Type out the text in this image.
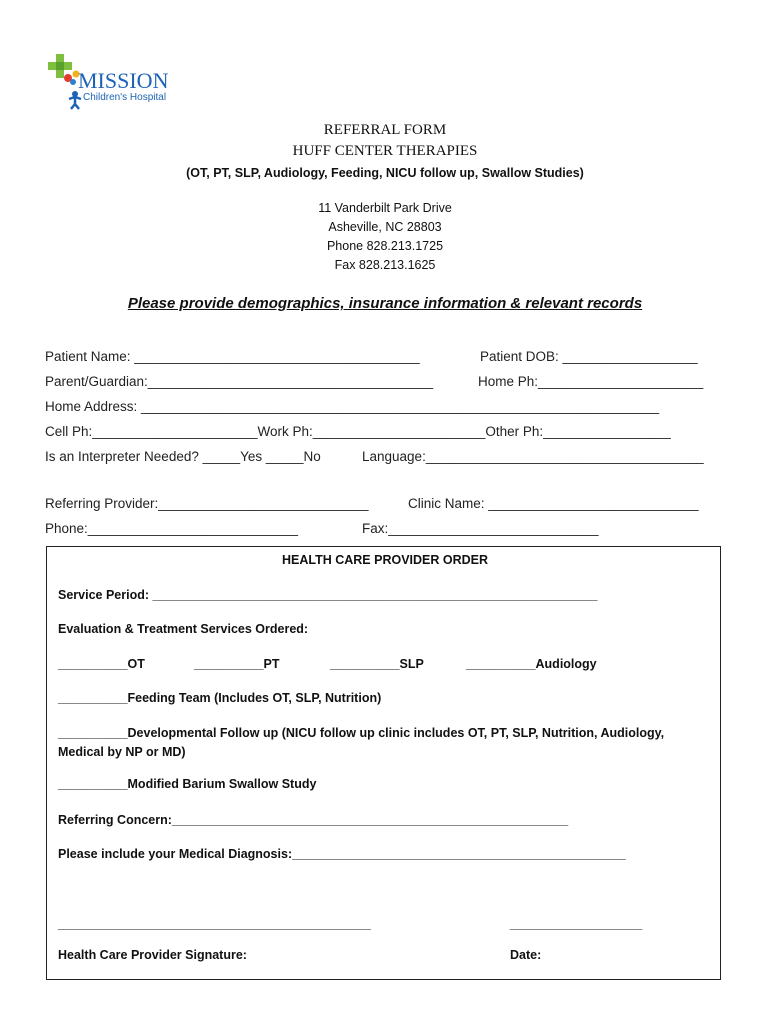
MISSION
Children's Hospital
REFERRAL FORM
HUFF CENTER THERAPIES
(OT, PT, SLP, Audiology, Feeding, NICU follow up, Swallow Studies)
11 Vanderbilt Park Drive
Asheville, NC 28803
Phone 828.213.1725
Fax 828.213.1625
Please provide demographics, insurance information & relevant records
Patient Name: ______________________________________	Patient DOB: __________________
Parent/Guardian:______________________________________	Home Ph:______________________
Home Address: _____________________________________________________________________
Cell Ph:______________________Work Ph:_______________________Other Ph:_________________
Is an Interpreter Needed? _____Yes _____No	Language:_____________________________________
Referring Provider:____________________________	Clinic Name: ____________________________
Phone:____________________________	Fax:____________________________
HEALTH CARE PROVIDER ORDER
Service Period: ________________________________________________________________
Evaluation & Treatment Services Ordered:
__________OT	__________PT	__________SLP	__________Audiology
__________Feeding Team (Includes OT, SLP, Nutrition)
__________Developmental Follow up (NICU follow up clinic includes OT, PT, SLP, Nutrition, Audiology,
Medical by NP or MD)
__________Modified Barium Swallow Study
Referring Concern:_________________________________________________________
Please include your Medical Diagnosis:________________________________________________
_____________________________________________	___________________
Health Care Provider Signature:	Date:
